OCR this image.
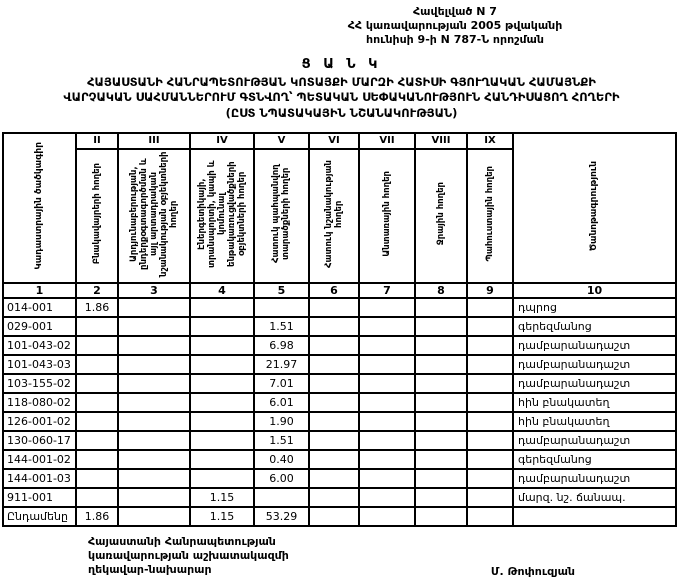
Հավելված N 7
ՀՀ կառավարության 2005 թվականի
հունիսի 9-ի N 787-Ն որոշման
Ց Ա Ն Կ
ՀԱՅԱՍՏԱՆԻ ՀԱՆՐԱՊԵՏՈՒԹՅԱՆ ԿՈՏԱՅՔԻ ՄԱՐԶԻ ՀԱՏԻՍԻ ԳՅՈՒՂԱԿԱՆ ՀԱՄԱՅՆՔԻ
ՎԱՐՉԱԿԱՆ ՍԱՀՄԱՆՆԵՐՈՒՄ ԳՏՆՎՈՂ՝ ՊԵՏԱԿԱՆ ՍԵՓԱԿԱՆՈՒԹՅՈՒՆ ՀԱՆԴԻՍԱՑՈՂ ՀՈՂԵՐԻ
(ԸՍՏ ՆՊԱՏԱԿԱՅԻՆ ՆՇԱՆԱԿՈՒԹՅԱՆ)
Կադաստրային ծածկագիր	II	III	IV	V	VI	VII	VIII	IX	Ծանոթագրություն
	Բնակավայրերի հողեր	Արդյունաբերության, ընդերքօգտագործման և այլ արտադրական նշանակության օբյեկտների հողեր	Էներգետիկայի, տրանսպորտի, կապի և կոմունալ ենթակառուցվածքների օբյեկտների հողեր	Հատուկ պահպանվող տարածքների հողեր	Հատուկ նշանակության հողեր	Անտառային հողեր	Ջրային հողեր	Պահուստային հողեր	
1	2	3	4	5	6	7	8	9	10
014-001	1.86								դպրոց
029-001				1.51					գերեզմանոց
101-043-02				6.98					դամբարանադաշտ
101-043-03				21.97					դամբարանադաշտ
103-155-02				7.01					դամբարանադաշտ
118-080-02				6.01					հին բնակատեղ
126-001-02				1.90					հին բնակատեղ
130-060-17				1.51					դամբարանադաշտ
144-001-02				0.40					գերեզմանոց
144-001-03				6.00					դամբարանադաշտ
911-001			1.15						մարզ. նշ. ճանապ.
Ընդամենը	1.86		1.15	53.29					
Հայաստանի Հանրապետության
կառավարության աշխատակազմի
ղեկավար-նախարար	Մ. Թոփուզյան
